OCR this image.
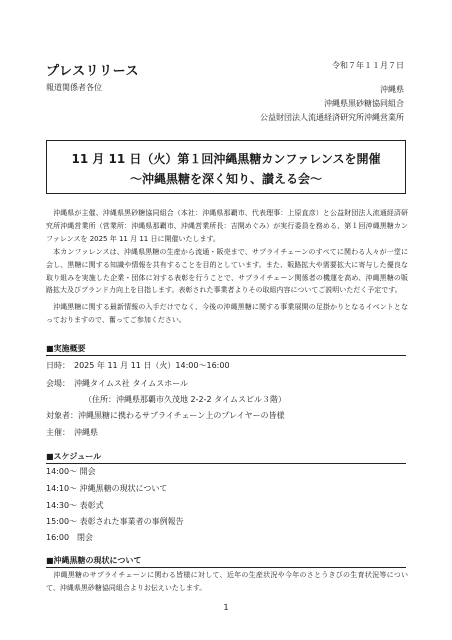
プレスリリース	令和７年１１月７日
報道関係者各位	沖縄県
沖縄県黒砂糖協同組合
公益財団法人流通経済研究所沖縄営業所
11 月 11 日（火）第１回沖縄黒糖カンファレンスを開催
～沖縄黒糖を深く知り、讃える会～
　沖縄県が主催、沖縄県黒砂糖協同組合（本社：沖縄県那覇市、代表理事：上原直彦）と公益財団法人流通経済研究所沖縄営業所（営業所：沖縄県那覇市、沖縄営業所長：吉開めぐみ）が実行委員を務める、第１回沖縄黒糖カンファレンスを 2025 年 11 月 11 日に開催いたします。
　本カンファレンスは、沖縄県黒糖の生産から流通・販売まで、サプライチェーンのすべてに関わる人々が一堂に会し、黒糖に関する知識や情報を共有することを目的としています。また、販路拡大や需要拡大に寄与した優良な取り組みを実施した企業・団体に対する表彰を行うことで、サプライチェーン関係者の機運を高め、沖縄黒糖の販路拡大及びブランド力向上を目指します。表彰された事業者よりその取組内容についてご説明いただく予定です。
　沖縄黒糖に関する最新情報の入手だけでなく、今後の沖縄黒糖に関する事業展開の足掛かりとなるイベントとなっておりますので、奮ってご参加ください。
■実施概要
日時：　2025 年 11 月 11 日（火）14:00～16:00
会場：　沖縄タイムス社 タイムスホール
（住所：沖縄県那覇市久茂地 2-2-2 タイムスビル３階）
対象者：沖縄黒糖に携わるサプライチェーン上のプレイヤーの皆様
主催：　沖縄県
■スケジュール
14:00～ 開会
14:10～ 沖縄黒糖の現状について
14:30～ 表彰式
15:00～ 表彰された事業者の事例報告
16:00　閉会
■沖縄黒糖の現状について
　沖縄黒糖のサプライチェーンに関わる皆様に対して、近年の生産状況や今年のさとうきびの生育状況等について、沖縄県黒砂糖協同組合よりお伝えいたします。
1
